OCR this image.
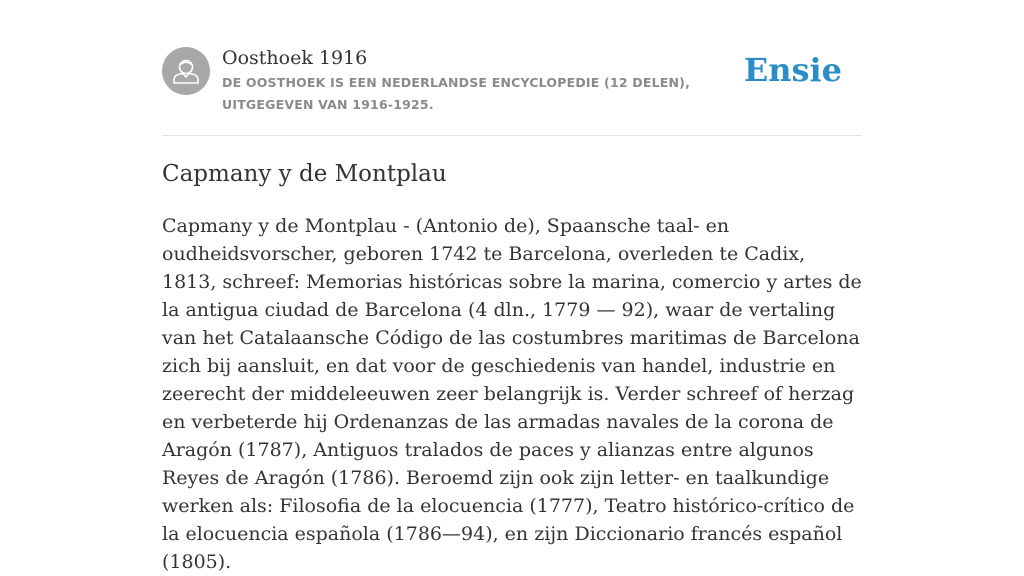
Oosthoek 1916
DE OOSTHOEK IS EEN NEDERLANDSE ENCYCLOPEDIE (12 DELEN), UITGEGEVEN VAN 1916-1925.
Ensie
Capmany y de Montplau

Capmany y de Montplau - (Antonio de), Spaansche taal- en oudheidsvorscher, geboren 1742 te Barcelona, overleden te Cadix, 1813, schreef: Memorias históricas sobre la marina, comercio y artes de la antigua ciudad de Barcelona (4 dln., 1779 — 92), waar de vertaling van het Catalaansche Código de las costumbres maritimas de Barcelona zich bij aansluit, en dat voor de geschiedenis van handel, industrie en zeerecht der middeleeuwen zeer belangrijk is. Verder schreef of herzag en verbeterde hij Ordenanzas de las armadas navales de la corona de Aragón (1787), Antiguos tralados de paces y alianzas entre algunos Reyes de Aragón (1786). Beroemd zijn ook zijn letter- en taalkundige werken als: Filosofia de la elocuencia (1777), Teatro histórico-crítico de la elocuencia española (1786—94), en zijn Diccionario francés español (1805).
